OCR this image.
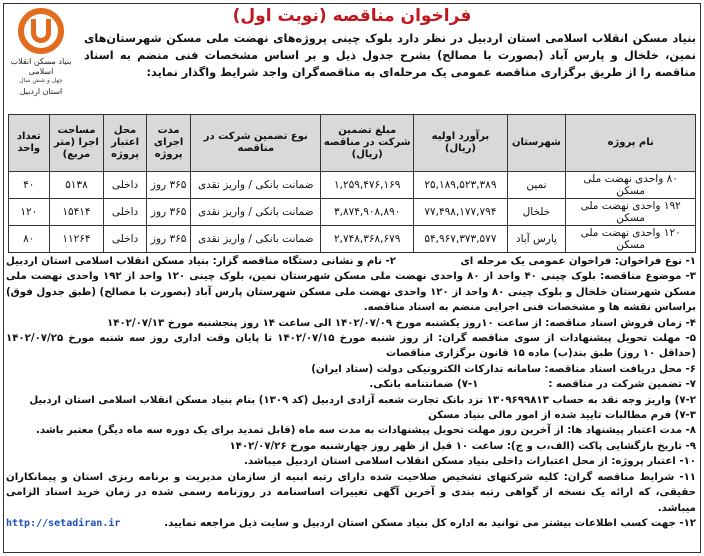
بنیاد مسکن انقلاب اسلامی
چهل و شش سال
استان اردبیل
فراخوان مناقصه (نوبت اول)

بنیاد مسکن انقلاب اسلامی استان اردبیل در نظر دارد بلوک چینی پروژه‌های نهضت ملی مسکن شهرستان‌های نمین، خلخال و پارس آباد (بصورت با مصالح) بشرح جدول ذیل و بر اساس مشخصات فنی منضم به اسناد مناقصه را از طریق برگزاری مناقصه عمومی یک مرحله‌ای به مناقصه‌گران واجد شرایط واگذار نماید:

نام پروژه	شهرستان	برآورد اولیه (ریال)	مبلغ تضمین شرکت در مناقصه (ریال)	نوع تضمین شرکت در مناقصه	مدت اجرای پروژه	محل اعتبار پروژه	مساحت اجرا (متر مربع)	تعداد واحد
۸۰ واحدی نهضت ملی مسکن	نمین	۲۵,۱۸۹,۵۲۳,۳۸۹	۱,۲۵۹,۴۷۶,۱۶۹	ضمانت بانکی / واریز نقدی	۳۶۵ روز	داخلی	۵۱۳۸	۴۰
۱۹۲ واحدی نهضت ملی مسکن	خلخال	۷۷,۴۹۸,۱۷۷,۷۹۴	۳,۸۷۴,۹۰۸,۸۹۰	ضمانت بانکی / واریز نقدی	۳۶۵ روز	داخلی	۱۵۴۱۴	۱۲۰
۱۲۰ واحدی نهضت ملی مسکن	پارس آباد	۵۴,۹۶۷,۳۷۳,۵۷۷	۲,۷۴۸,۳۶۸,۶۷۹	ضمانت بانکی / واریز نقدی	۳۶۵ روز	داخلی	۱۱۲۶۴	۸۰

۱- نوع فراخوان: فراخوان عمومی یک مرحله ای

۲- نام و نشانی دستگاه مناقصه گزار: بنیاد مسکن انقلاب اسلامی استان اردبیل

۳- موضوع مناقصه: بلوک چینی ۴۰ واحد از ۸۰ واحدی نهضت ملی مسکن شهرستان نمین، بلوک چینی ۱۲۰ واحد از ۱۹۲ واحدی نهضت ملی مسکن شهرستان خلخال و بلوک چینی ۸۰ واحد از ۱۲۰ واحدی نهضت ملی مسکن شهرستان پارس آباد (بصورت با مصالح) (طبق جدول فوق) براساس نقشه ها و مشخصات فنی اجرایی منضم به اسناد مناقصه.

۴- زمان فروش اسناد مناقصه: از ساعت ۱۰روز یکشنبه مورخ ۱۴۰۲/۰۷/۰۹ الی ساعت ۱۴ روز پنجشنبه مورخ ۱۴۰۲/۰۷/۱۳

۵- مهلت تحویل پیشنهادات از سوی مناقصه گران: از روز شنبه مورخ ۱۴۰۲/۰۷/۱۵ تا پایان وقت اداری روز سه شنبه مورخ ۱۴۰۲/۰۷/۲۵ (حداقل ۱۰ روز) طبق بند(ب) ماده ۱۵ قانون برگزاری مناقصات

۶- محل دریافت اسناد مناقصه: سامانه تدارکات الکترونیکی دولت (ستاد ایران)

۷- تضمین شرکت در مناقصه :

۷-۱) ضمانتنامه بانکی.

۷-۲) واریز وجه نقد به حساب ۱۳۰۹۶۹۹۸۱۳ نزد بانک تجارت شعبه آزادی اردبیل (کد ۱۳۰۹) بنام بنیاد مسکن انقلاب اسلامی استان اردبیل

۷-۳) فرم مطالبات تایید شده از امور مالی بنیاد مسکن

۸- مدت اعتبار پیشنهاد ها: از آخرین روز مهلت تحویل پیشنهادات به مدت سه ماه (قابل تمدید برای یک دوره سه ماه دیگر) معتبر باشد.

۹- تاریخ بازگشایی پاکت (الف،ب و ج): ساعت ۱۰ قبل از ظهر روز چهارشنبه مورخ ۱۴۰۲/۰۷/۲۶

۱۰- اعتبار پروژه: از محل اعتبارات داخلی بنیاد مسکن انقلاب اسلامی استان اردبیل میباشد.

۱۱- شرایط مناقصه گران: کلیه شرکتهای تشخیص صلاحیت شده دارای رتبه ابنیه از سازمان مدیریت و برنامه ریزی استان و پیمانکاران حقیقی، که ارائه یک نسخه از گواهی رتبه بندی و آخرین آگهی تغییرات اساسنامه در روزنامه رسمی شده در زمان خرید اسناد الزامی میباشد.

۱۲- جهت کسب اطلاعات بیشتر می توانید به اداره کل بنیاد مسکن استان اردبیل و سایت ذیل مراجعه نمایید.

http://setadiran.ir
